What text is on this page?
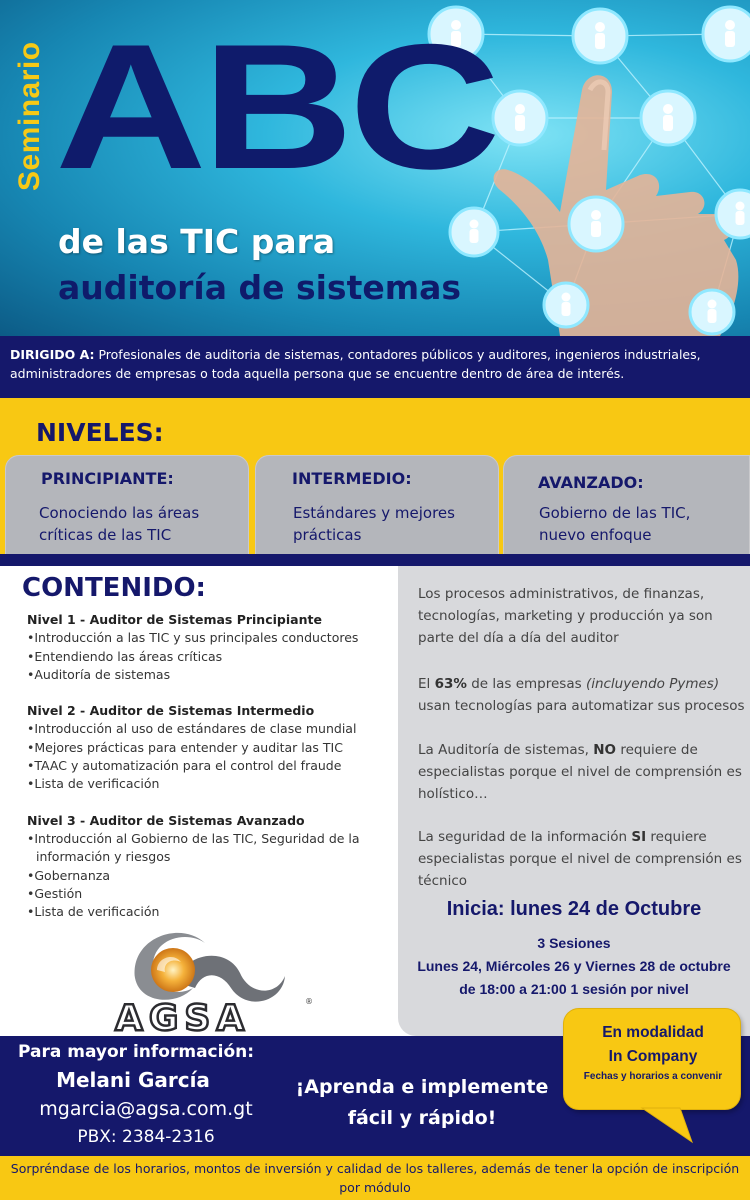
Seminario ABC
de las TIC para
auditoría de sistemas
DIRIGIDO A: Profesionales de auditoria de sistemas, contadores públicos y auditores, ingenieros industriales, administradores de empresas o toda aquella persona que se encuentre dentro de área de interés.
NIVELES:
PRINCIPIANTE:
Conociendo las áreas críticas de las TIC
INTERMEDIO:
Estándares y mejores prácticas
AVANZADO:
Gobierno de las TIC, nuevo enfoque
CONTENIDO:
Nivel 1 - Auditor de Sistemas Principiante
•Introducción a las TIC y sus principales conductores
•Entendiendo las áreas críticas
•Auditoría de sistemas
Nivel 2 - Auditor de Sistemas Intermedio
•Introducción al uso de estándares de clase mundial
•Mejores prácticas para entender y auditar las TIC
•TAAC y automatización para el control del fraude
•Lista de verificación
Nivel 3 - Auditor de Sistemas Avanzado
•Introducción al Gobierno de las TIC, Seguridad de la información y riesgos
•Gobernanza
•Gestión
•Lista de verificación
Los procesos administrativos, de finanzas, tecnologías, marketing y producción ya son parte del día a día del auditor
El 63% de las empresas (incluyendo Pymes) usan tecnologías para automatizar sus procesos
La Auditoría de sistemas, NO requiere de especialistas porque el nivel de comprensión es holístico…
La seguridad de la información SI requiere especialistas porque el nivel de comprensión es técnico
Inicia: lunes 24 de Octubre
3 Sesiones
Lunes 24, Miércoles 26 y Viernes 28 de octubre
de 18:00 a 21:00 1 sesión por nivel
AGSA	®
Para mayor información:
Melani García
mgarcia@agsa.com.gt
PBX: 2384-2316
¡Aprenda e implemente
fácil y rápido!
En modalidad
In Company
Fechas y horarios a convenir
Sorpréndase de los horarios, montos de inversión y calidad de los talleres, además de tener la opción de inscripción por módulo
